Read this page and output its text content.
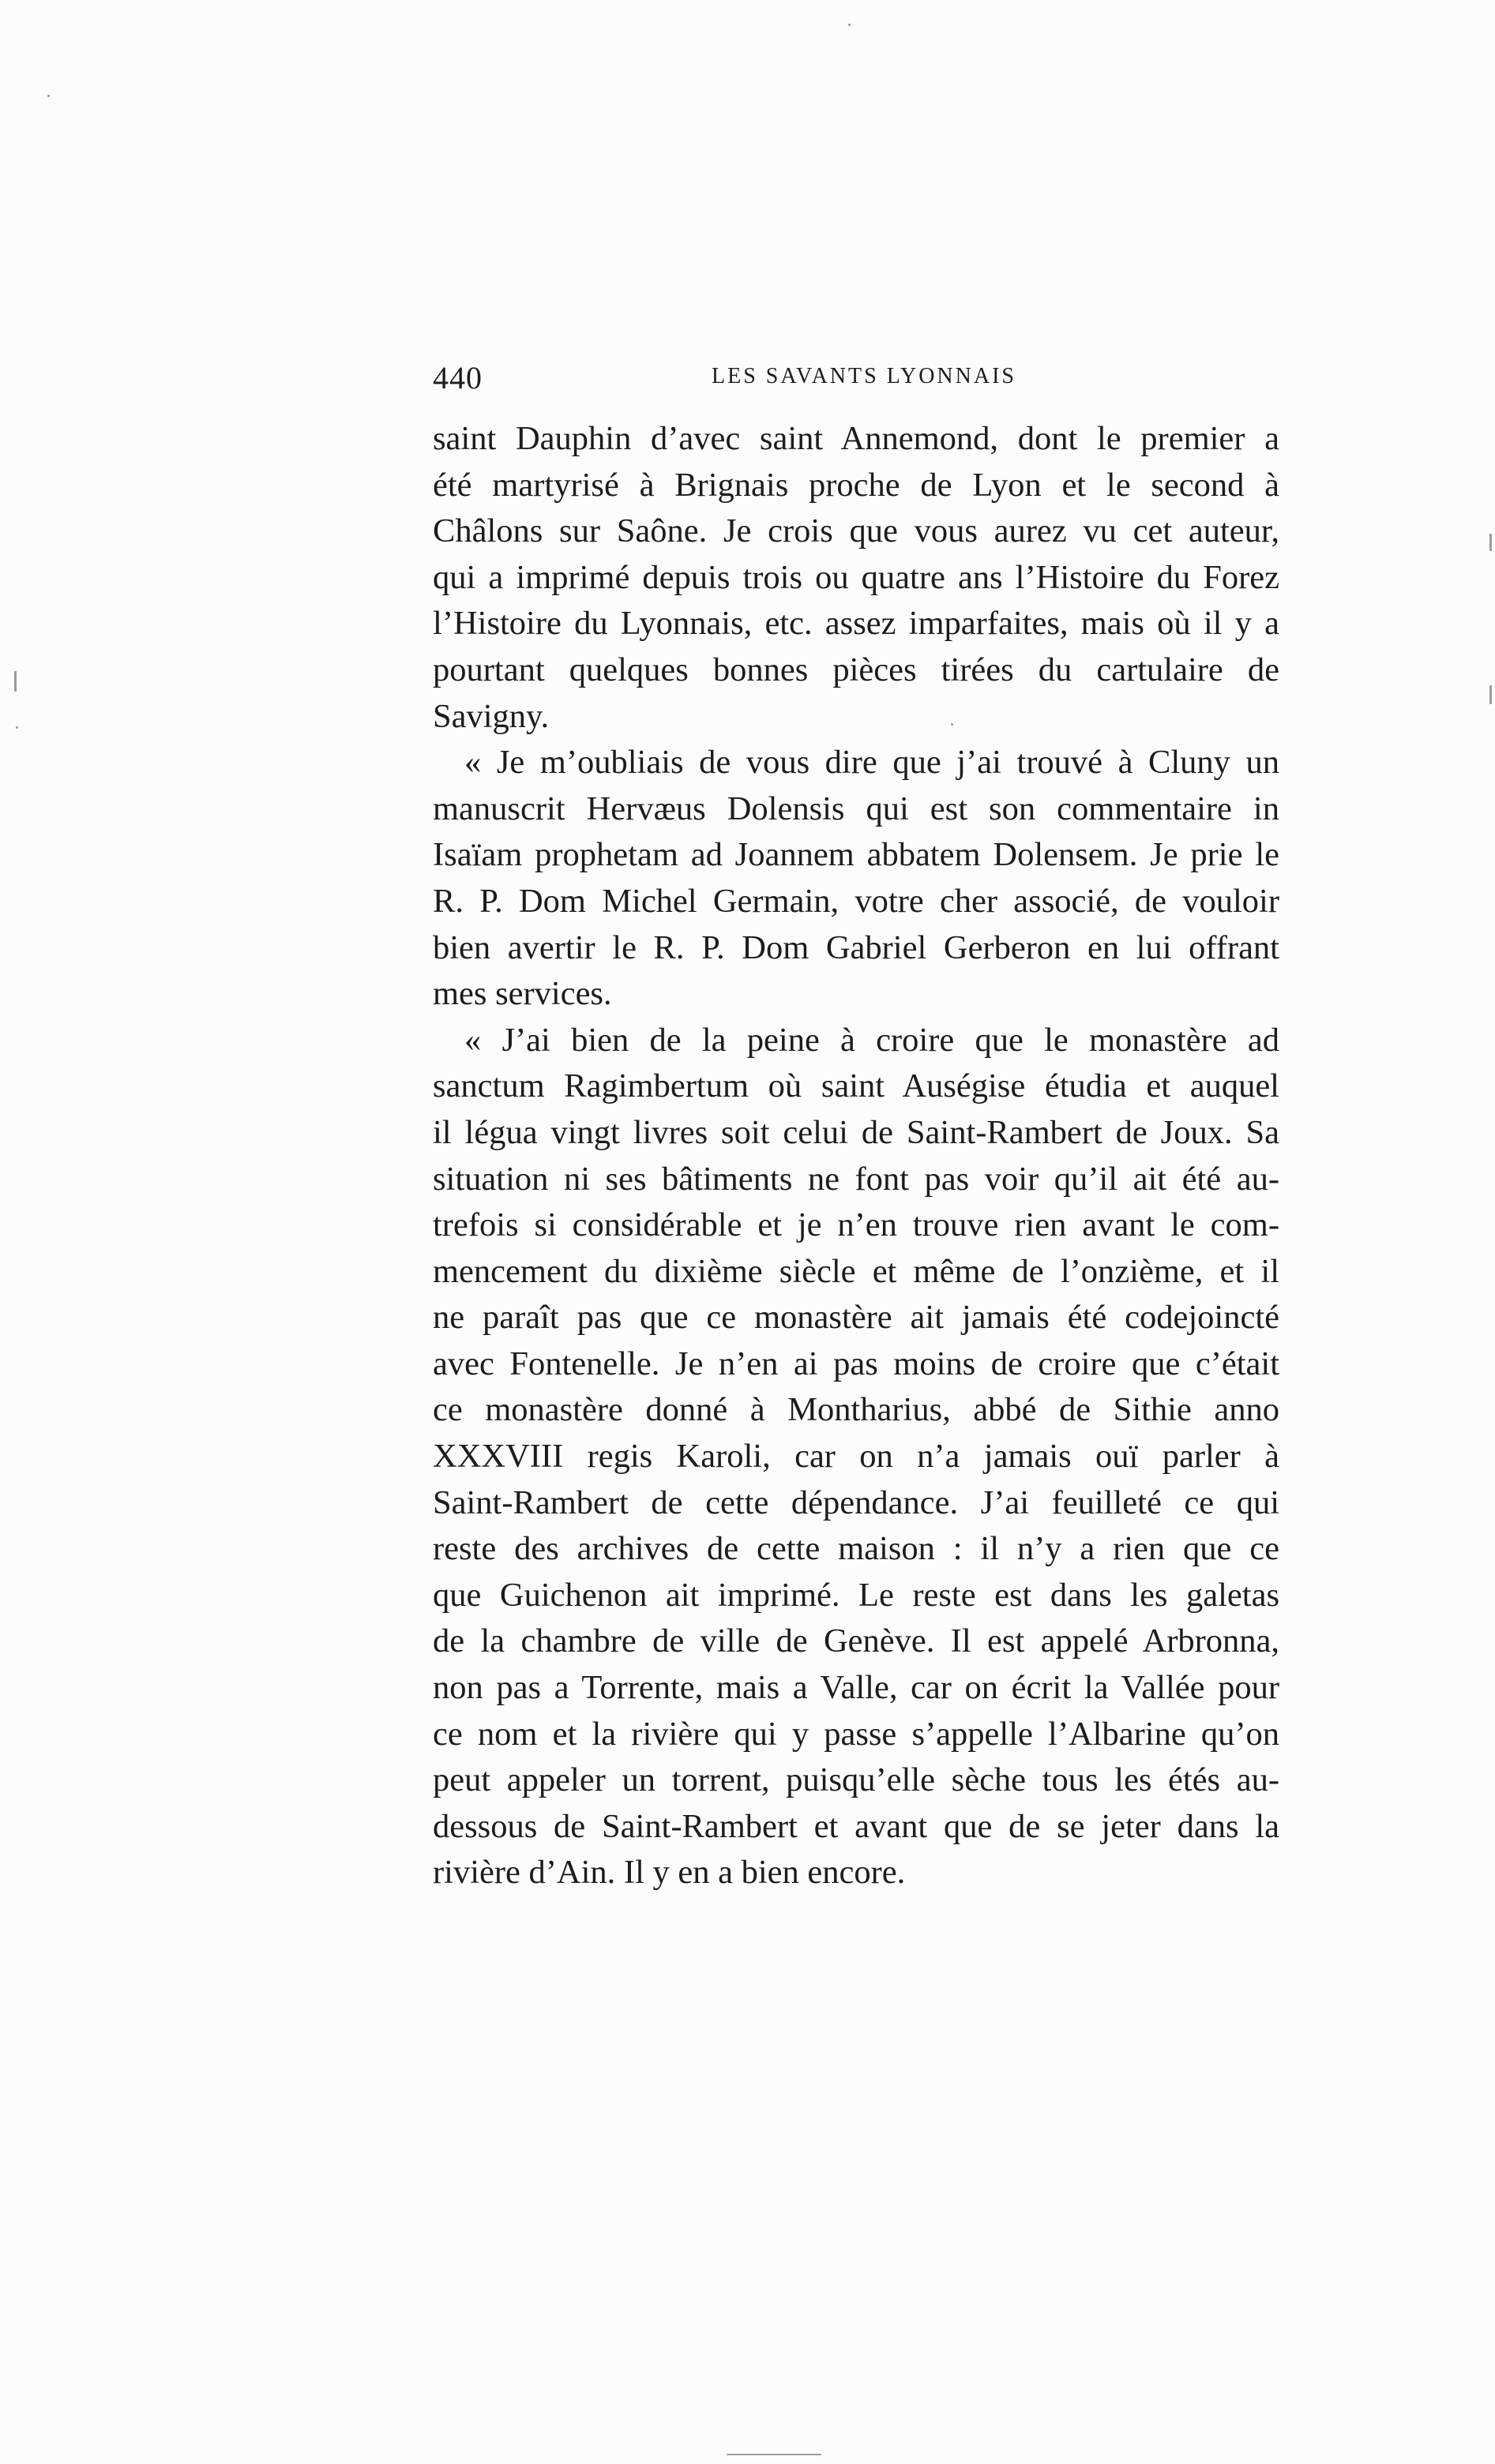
440	LES SAVANTS LYONNAIS
saint Dauphin d’avec saint Annemond, dont le premier a
été martyrisé à Brignais proche de Lyon et le second à
Châlons sur Saône. Je crois que vous aurez vu cet auteur,
qui a imprimé depuis trois ou quatre ans l’Histoire du Forez
l’Histoire du Lyonnais, etc. assez imparfaites, mais où il y a
pourtant quelques bonnes pièces tirées du cartulaire de
Savigny.
« Je m’oubliais de vous dire que j’ai trouvé à Cluny un
manuscrit Hervæus Dolensis qui est son commentaire in
Isaïam prophetam ad Joannem abbatem Dolensem. Je prie le
R. P. Dom Michel Germain, votre cher associé, de vouloir
bien avertir le R. P. Dom Gabriel Gerberon en lui offrant
mes services.
« J’ai bien de la peine à croire que le monastère ad
sanctum Ragimbertum où saint Auségise étudia et auquel
il légua vingt livres soit celui de Saint-Rambert de Joux. Sa
situation ni ses bâtiments ne font pas voir qu’il ait été au-
trefois si considérable et je n’en trouve rien avant le com-
mencement du dixième siècle et même de l’onzième, et il
ne paraît pas que ce monastère ait jamais été codejoincté
avec Fontenelle. Je n’en ai pas moins de croire que c’était
ce monastère donné à Montharius, abbé de Sithie anno
XXXVIII regis Karoli, car on n’a jamais ouï parler à
Saint-Rambert de cette dépendance. J’ai feuilleté ce qui
reste des archives de cette maison : il n’y a rien que ce
que Guichenon ait imprimé. Le reste est dans les galetas
de la chambre de ville de Genève. Il est appelé Arbronna,
non pas a Torrente, mais a Valle, car on écrit la Vallée pour
ce nom et la rivière qui y passe s’appelle l’Albarine qu’on
peut appeler un torrent, puisqu’elle sèche tous les étés au-
dessous de Saint-Rambert et avant que de se jeter dans la
rivière d’Ain. Il y en a bien encore.
